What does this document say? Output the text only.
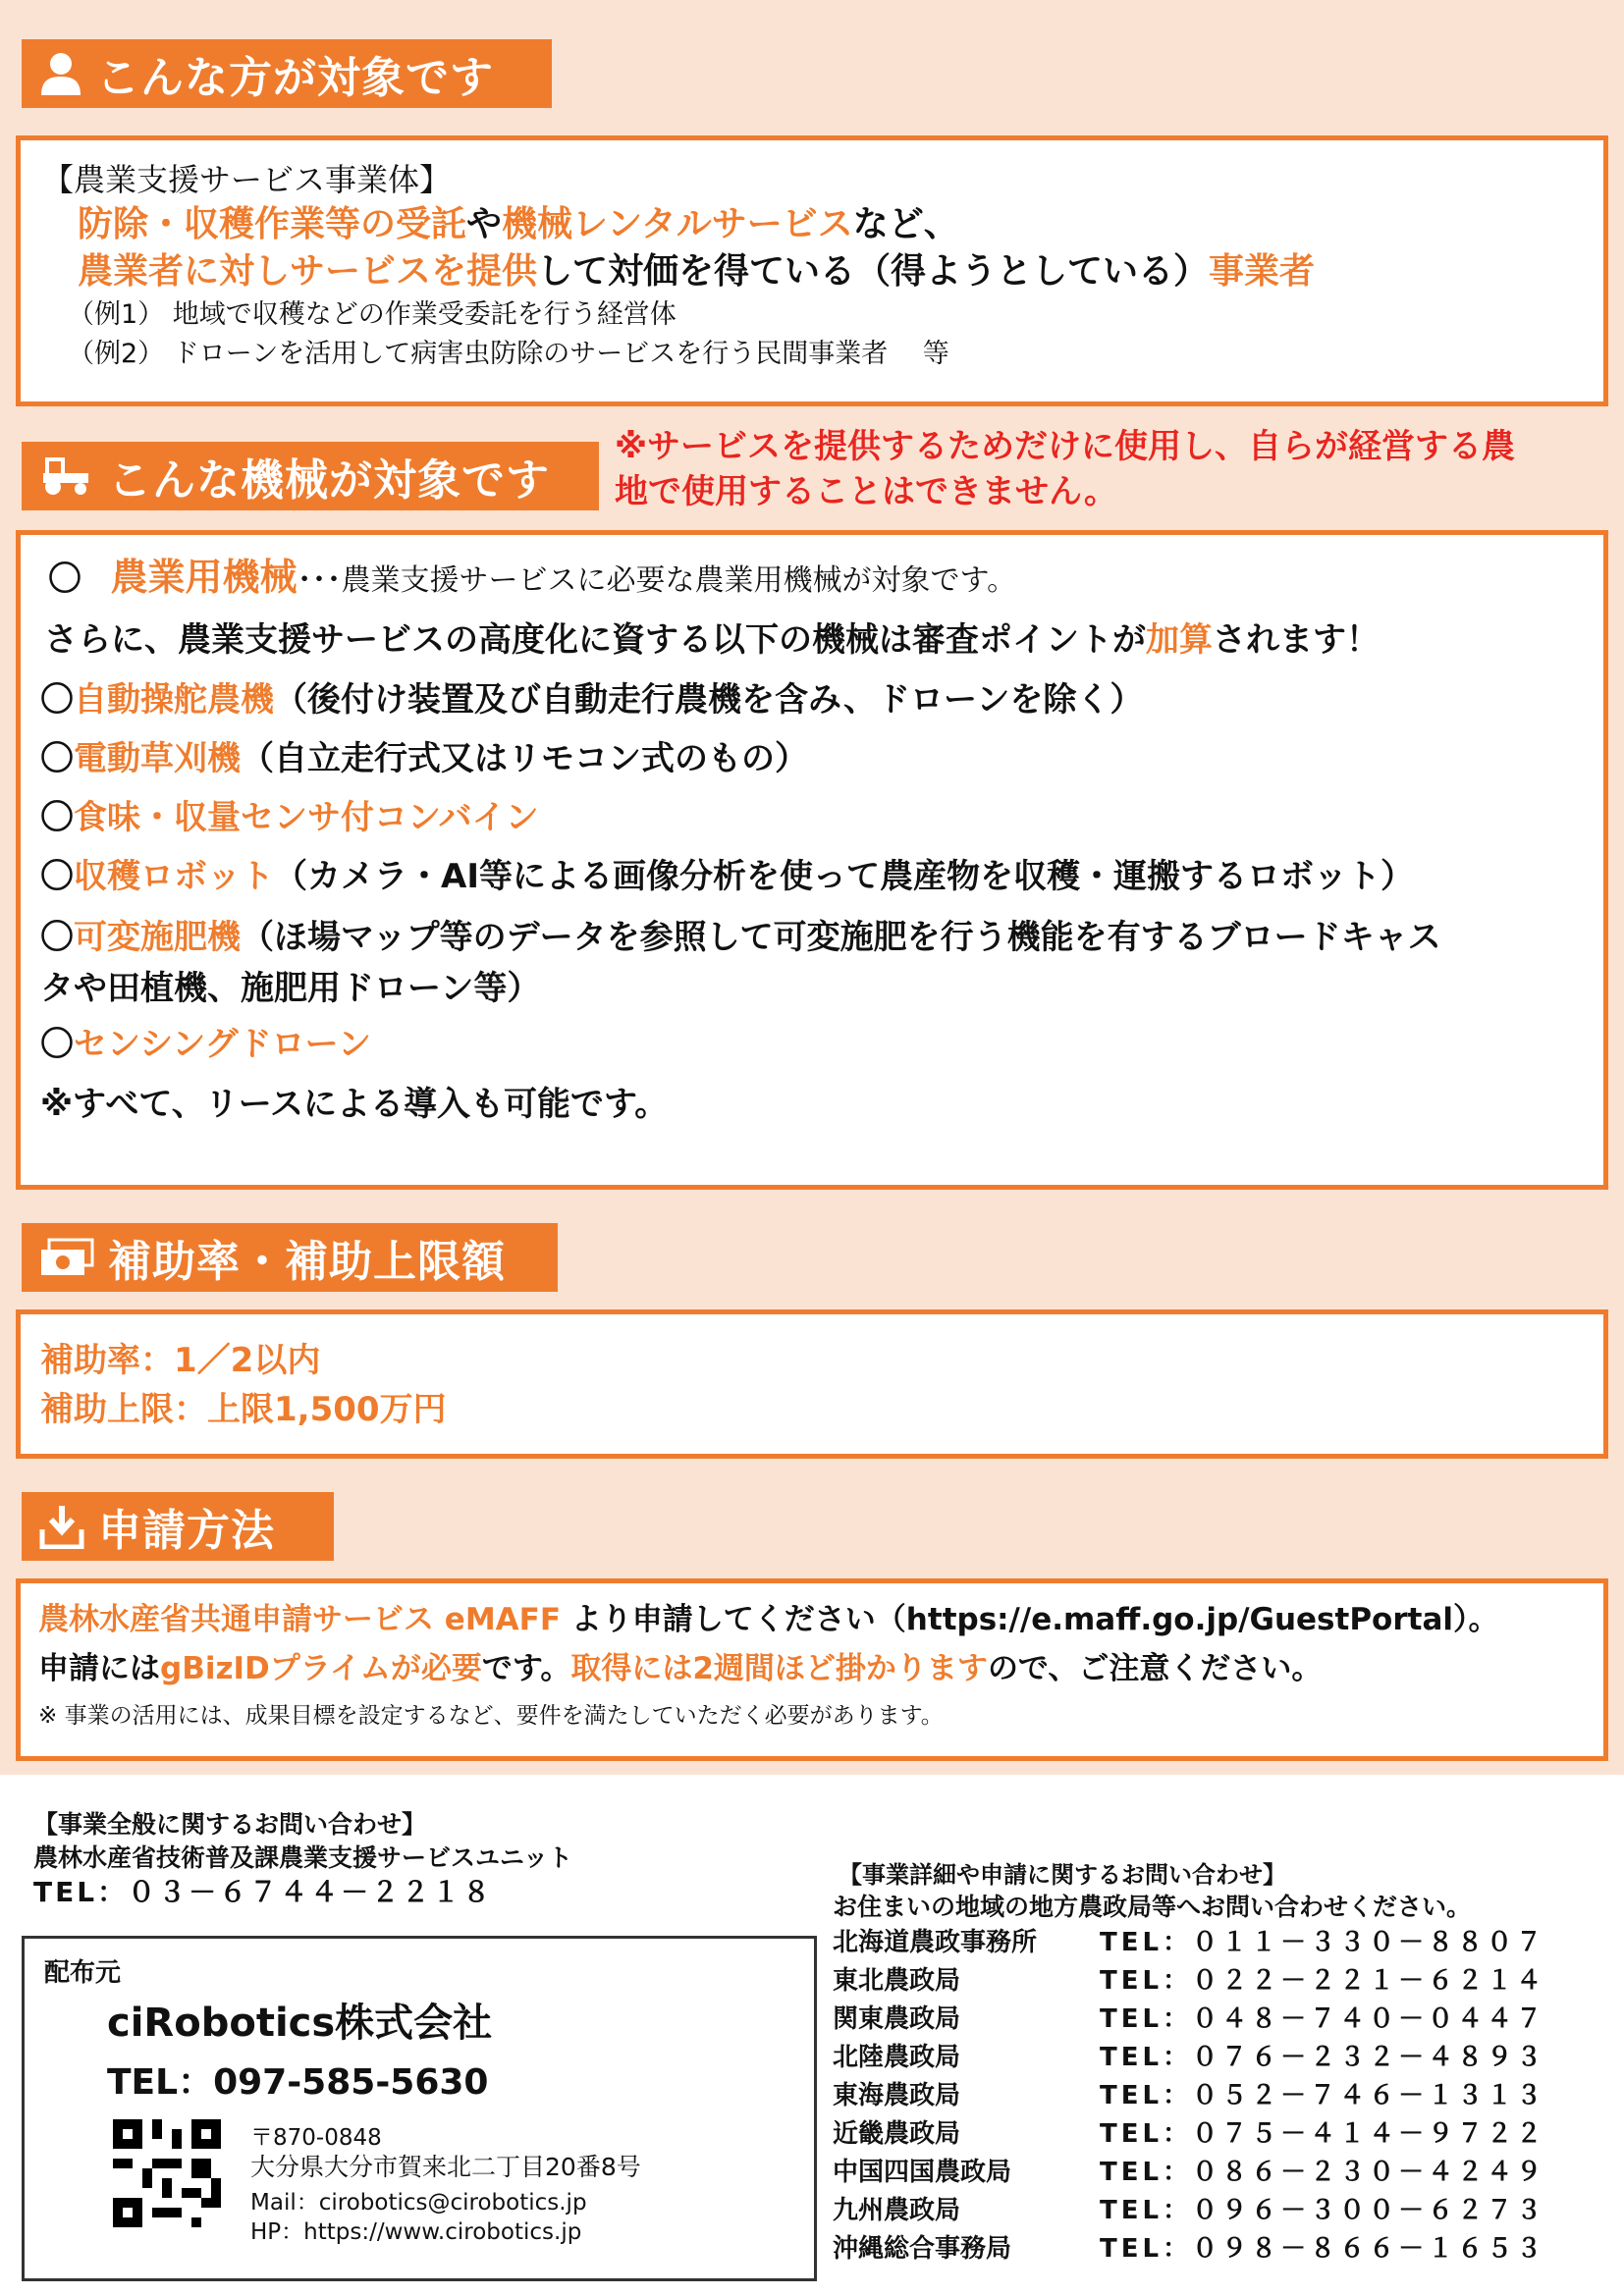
こんな方が対象です
【農業支援サービス事業体】
防除・収穫作業等の受託や機械レンタルサービスなど、
農業者に対しサービスを提供して対価を得ている（得ようとしている）事業者
（例1） 地域で収穫などの作業受委託を行う経営体
（例2） ドローンを活用して病害虫防除のサービスを行う民間事業者　 等
こんな機械が対象です
※サービスを提供するためだけに使用し、自らが経営する農
地で使用することはできません。
〇 農業用機械･･･農業支援サービスに必要な農業用機械が対象です。
さらに、農業支援サービスの高度化に資する以下の機械は審査ポイントが加算されます！
〇自動操舵農機（後付け装置及び自動走行農機を含み、ドローンを除く）
〇電動草刈機（自立走行式又はリモコン式のもの）
〇食味・収量センサ付コンバイン
〇収穫ロボット（カメラ・AI等による画像分析を使って農産物を収穫・運搬するロボット）
〇可変施肥機（ほ場マップ等のデータを参照して可変施肥を行う機能を有するブロードキャス
タや田植機、施肥用ドローン等）
〇センシングドローン
※すべて、リースによる導入も可能です。
補助率・補助上限額
補助率：1／2以内
補助上限：上限1,500万円
申請方法
農林水産省共通申請サービス eMAFF より申請してください（https://e.maff.go.jp/GuestPortal）。
申請にはgBizIDプライムが必要です。取得には2週間ほど掛かりますので、ご注意ください。
※ 事業の活用には、成果目標を設定するなど、要件を満たしていただく必要があります。
【事業全般に関するお問い合わせ】
農林水産省技術普及課農業支援サービスユニット
TEL：０３－６７４４－２２１８
配布元
ciRobotics株式会社
TEL：097-585-5630
〒870-0848
大分県大分市賀来北二丁目20番8号
Mail：cirobotics@cirobotics.jp
HP：https://www.cirobotics.jp
【事業詳細や申請に関するお問い合わせ】
お住まいの地域の地方農政局等へお問い合わせください。
北海道農政事務所	TEL：０１１－３３０－８８０７
東北農政局	TEL：０２２－２２１－６２１４
関東農政局	TEL：０４８－７４０－０４４７
北陸農政局	TEL：０７６－２３２－４８９３
東海農政局	TEL：０５２－７４６－１３１３
近畿農政局	TEL：０７５－４１４－９７２２
中国四国農政局	TEL：０８６－２３０－４２４９
九州農政局	TEL：０９６－３００－６２７３
沖縄総合事務局	TEL：０９８－８６６－１６５３
